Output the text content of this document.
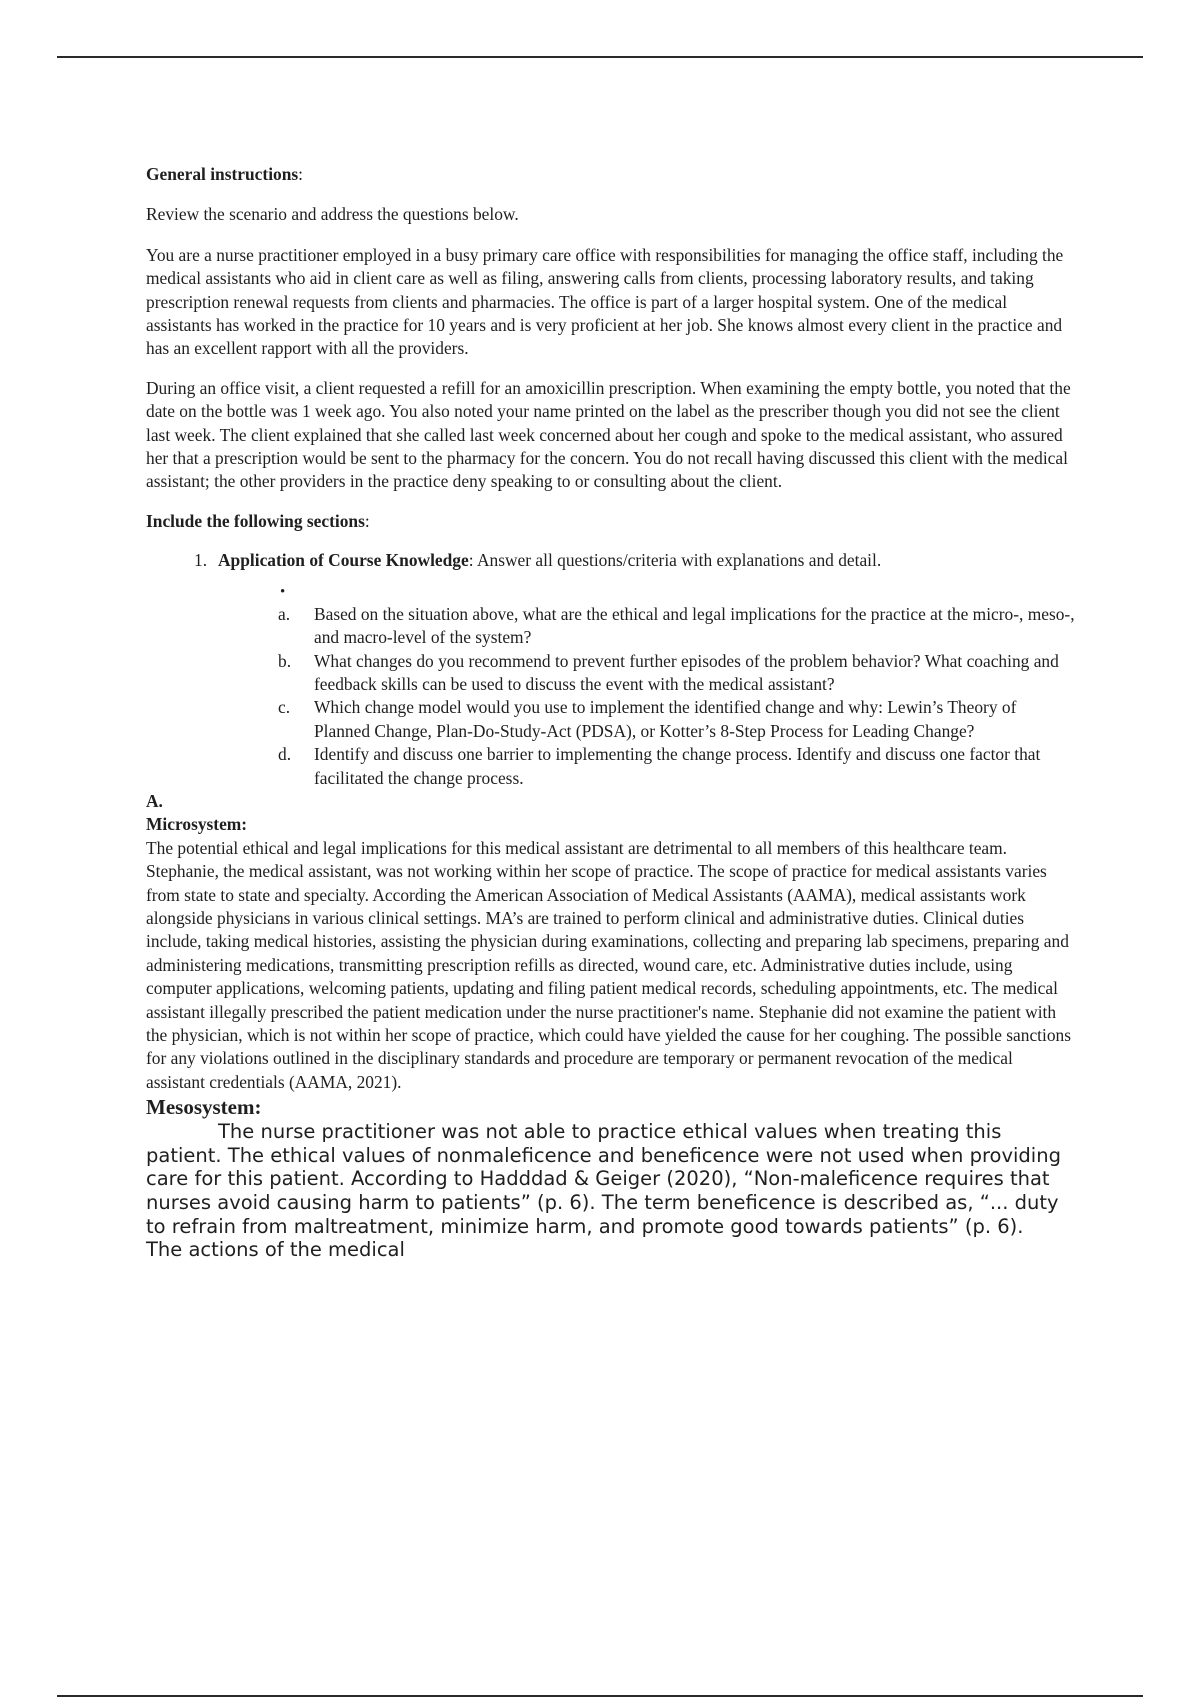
General instructions:

Review the scenario and address the questions below.

You are a nurse practitioner employed in a busy primary care office with responsibilities for managing the office staff, including the medical assistants who aid in client care as well as filing, answering calls from clients, processing laboratory results, and taking prescription renewal requests from clients and pharmacies. The office is part of a larger hospital system. One of the medical assistants has worked in the practice for 10 years and is very proficient at her job. She knows almost every client in the practice and has an excellent rapport with all the providers.

During an office visit, a client requested a refill for an amoxicillin prescription. When examining the empty bottle, you noted that the date on the bottle was 1 week ago. You also noted your name printed on the label as the prescriber though you did not see the client last week. The client explained that she called last week concerned about her cough and spoke to the medical assistant, who assured her that a prescription would be sent to the pharmacy for the concern. You do not recall having discussed this client with the medical assistant; the other providers in the practice deny speaking to or consulting about the client.

Include the following sections:

1. Application of Course Knowledge: Answer all questions/criteria with explanations and detail.
•
a. Based on the situation above, what are the ethical and legal implications for the practice at the micro-, meso-, and macro-level of the system?
b. What changes do you recommend to prevent further episodes of the problem behavior? What coaching and feedback skills can be used to discuss the event with the medical assistant?
c. Which change model would you use to implement the identified change and why: Lewin’s Theory of Planned Change, Plan-Do-Study-Act (PDSA), or Kotter’s 8-Step Process for Leading Change?
d. Identify and discuss one barrier to implementing the change process. Identify and discuss one factor that facilitated the change process.

A.

Microsystem:

The potential ethical and legal implications for this medical assistant are detrimental to all members of this healthcare team. Stephanie, the medical assistant, was not working within her scope of practice. The scope of practice for medical assistants varies from state to state and specialty. According the American Association of Medical Assistants (AAMA), medical assistants work alongside physicians in various clinical settings. MA’s are trained to perform clinical and administrative duties. Clinical duties include, taking medical histories, assisting the physician during examinations, collecting and preparing lab specimens, preparing and administering medications, transmitting prescription refills as directed, wound care, etc. Administrative duties include, using computer applications, welcoming patients, updating and filing patient medical records, scheduling appointments, etc. The medical assistant illegally prescribed the patient medication under the nurse practitioner's name. Stephanie did not examine the patient with the physician, which is not within her scope of practice, which could have yielded the cause for her coughing. The possible sanctions for any violations outlined in the disciplinary standards and procedure are temporary or permanent revocation of the medical assistant credentials (AAMA, 2021).

Mesosystem:

The nurse practitioner was not able to practice ethical values when treating this patient. The ethical values of nonmaleficence and beneficence were not used when providing care for this patient. According to Hadddad & Geiger (2020), “Non-maleficence requires that nurses avoid causing harm to patients” (p. 6). The term beneficence is described as, “... duty to refrain from maltreatment, minimize harm, and promote good towards patients” (p. 6). The actions of the medical
